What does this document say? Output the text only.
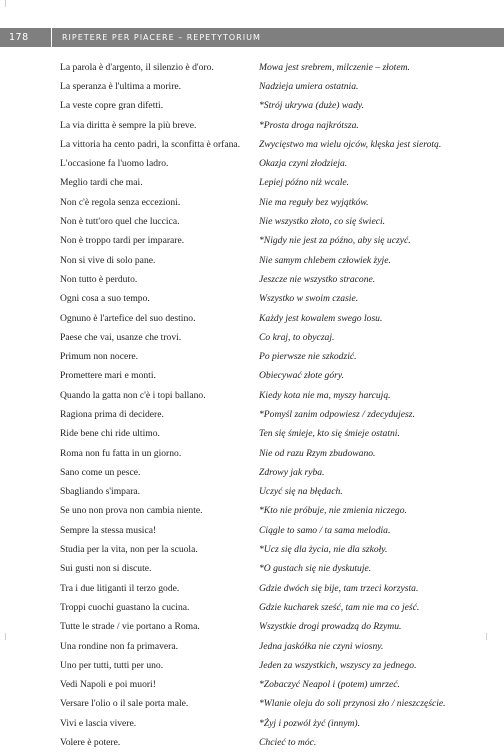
178	RIPETERE PER PIACERE – REPETYTORIUM
La parola è d'argento, il silenzio è d'oro.	Mowa jest srebrem, milczenie – złotem.
La speranza è l'ultima a morire.	Nadzieja umiera ostatnia.
La veste copre gran difetti.	*Strój ukrywa (duże) wady.
La via diritta è sempre la più breve.	*Prosta droga najkrótsza.
La vittoria ha cento padri, la sconfitta è orfana.	Zwycięstwo ma wielu ojców, klęska jest sierotą.
L'occasione fa l'uomo ladro.	Okazja czyni złodzieja.
Meglio tardi che mai.	Lepiej późno niż wcale.
Non c'è regola senza eccezioni.	Nie ma reguły bez wyjątków.
Non è tutt'oro quel che luccica.	Nie wszystko złoto, co się świeci.
Non è troppo tardi per imparare.	*Nigdy nie jest za późno, aby się uczyć.
Non si vive di solo pane.	Nie samym chlebem człowiek żyje.
Non tutto è perduto.	Jeszcze nie wszystko stracone.
Ogni cosa a suo tempo.	Wszystko w swoim czasie.
Ognuno è l'artefice del suo destino.	Każdy jest kowalem swego losu.
Paese che vai, usanze che trovi.	Co kraj, to obyczaj.
Primum non nocere.	Po pierwsze nie szkodzić.
Promettere mari e monti.	Obiecywać złote góry.
Quando la gatta non c'è i topi ballano.	Kiedy kota nie ma, myszy harcują.
Ragiona prima di decidere.	*Pomyśl zanim odpowiesz / zdecydujesz.
Ride bene chi ride ultimo.	Ten się śmieje, kto się śmieje ostatni.
Roma non fu fatta in un giorno.	Nie od razu Rzym zbudowano.
Sano come un pesce.	Zdrowy jak ryba.
Sbagliando s'impara.	Uczyć się na błędach.
Se uno non prova non cambia niente.	*Kto nie próbuje, nie zmienia niczego.
Sempre la stessa musica!	Ciągle to samo / ta sama melodia.
Studia per la vita, non per la scuola.	*Ucz się dla życia, nie dla szkoły.
Sui gusti non si discute.	*O gustach się nie dyskutuje.
Tra i due litiganti il terzo gode.	Gdzie dwóch się bije, tam trzeci korzysta.
Troppi cuochi guastano la cucina.	Gdzie kucharek sześć, tam nie ma co jeść.
Tutte le strade / vie portano a Roma.	Wszystkie drogi prowadzą do Rzymu.
Una rondine non fa primavera.	Jedna jaskółka nie czyni wiosny.
Uno per tutti, tutti per uno.	Jeden za wszystkich, wszyscy za jednego.
Vedi Napoli e poi muori!	*Zobaczyć Neapol i (potem) umrzeć.
Versare l'olio o il sale porta male.	*Wlanie oleju do soli przynosi zło / nieszczęście.
Vivi e lascia vivere.	*Żyj i pozwól żyć (innym).
Volere è potere.	Chcieć to móc.
